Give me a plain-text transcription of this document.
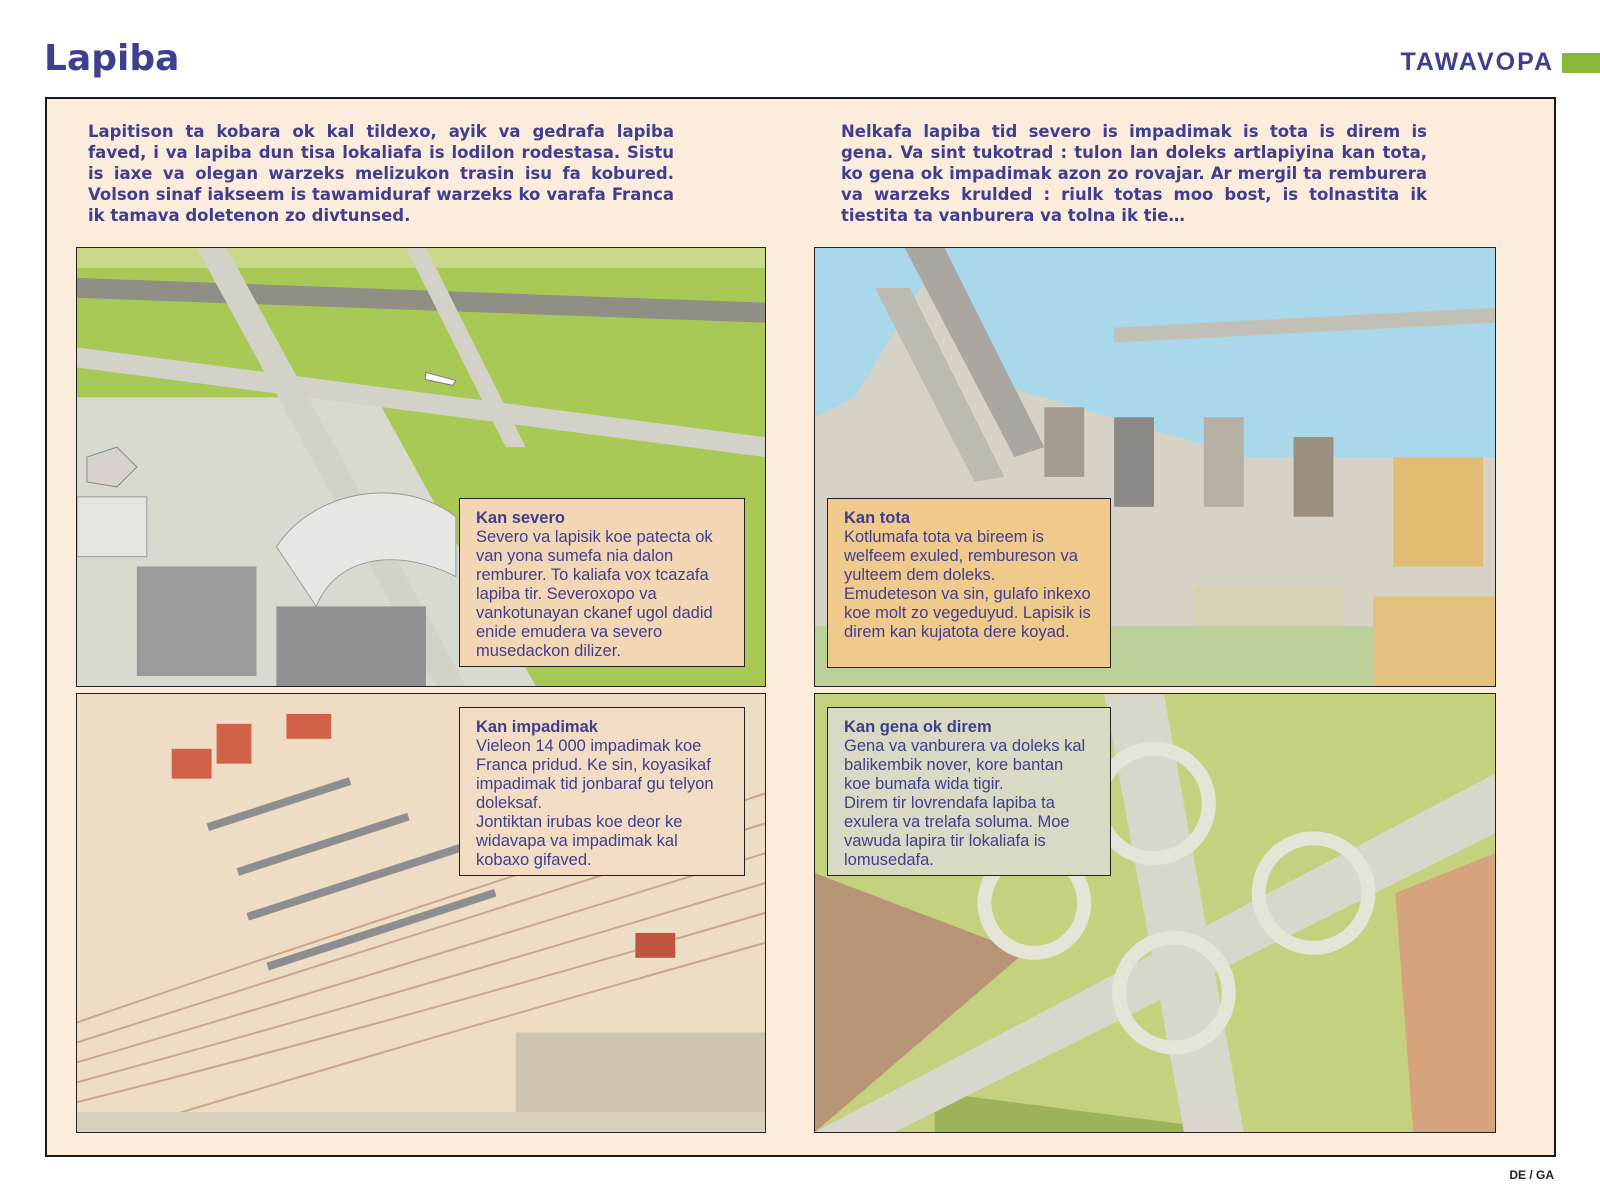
Lapiba	TAWAVOPA

Lapitison ta kobara ok kal tildexo, ayik va gedrafa lapiba faved, i va lapiba dun tisa lokaliafa is lodilon rodestasa. Sistu is iaxe va olegan warzeks melizukon trasin isu fa kobured. Volson sinaf iakseem is tawamiduraf warzeks ko varafa Franca ik tamava doletenon zo divtunsed.

Nelkafa lapiba tid severo is impadimak is tota is direm is gena. Va sint tukotrad : tulon lan doleks artlapiyina kan tota, ko gena ok impadimak azon zo rovajar. Ar mergil ta remburera va warzeks krulded : riulk totas moo bost, is tolnastita ik tiestita ta vanburera va tolna ik tie…

Kan severo
Severo va lapisik koe patecta ok van yona sumefa nia dalon remburer. To kaliafa vox tcazafa lapiba tir. Severoxopo va vankotunayan ckanef ugol dadid enide emudera va severo musedackon dilizer.
Kan tota
Kotlumafa tota va bireem is welfeem exuled, rembureson va yulteem dem doleks.
Emudeteson va sin, gulafo inkexo koe molt zo vegeduyud. Lapisik is direm kan kujatota dere koyad.
Kan impadimak
Vieleon 14 000 impadimak koe Franca pridud. Ke sin, koyasikaf impadimak tid jonbaraf gu telyon doleksaf.
Jontiktan irubas koe deor ke widavapa va impadimak kal kobaxo gifaved.
Kan gena ok direm
Gena va vanburera va doleks kal balikembik nover, kore bantan koe bumafa wida tigir.
Direm tir lovrendafa lapiba ta exulera va trelafa soluma. Moe vawuda lapira tir lokaliafa is lomusedafa.
DE / GA
